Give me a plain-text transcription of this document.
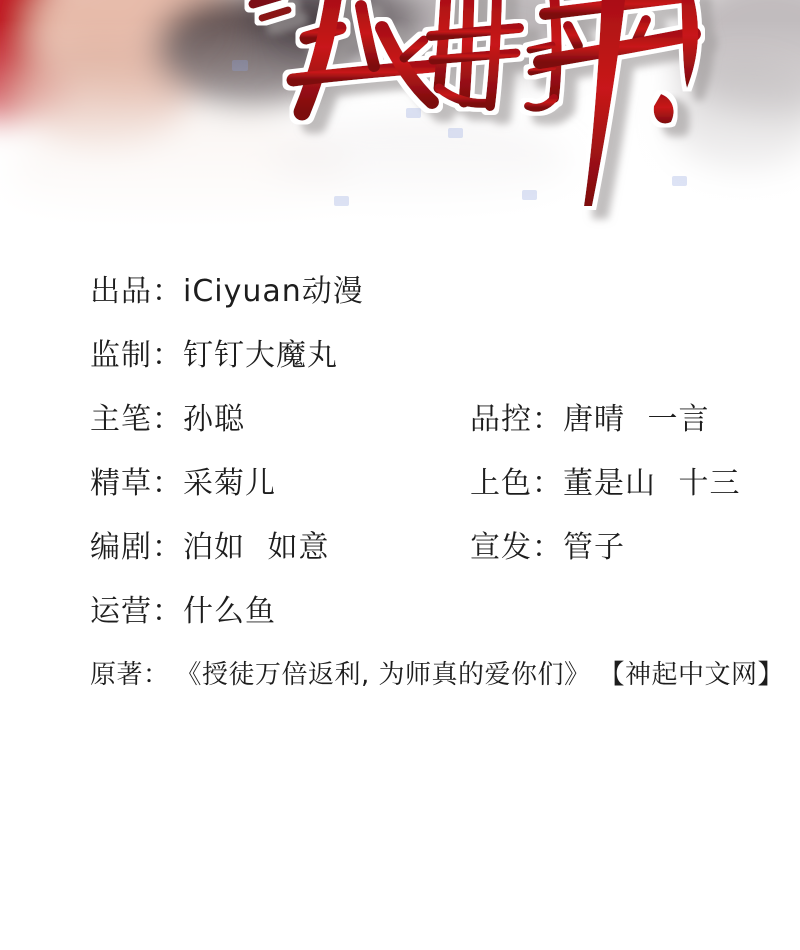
出品： iCiyuan动漫
监制： 钉钉大魔丸
主笔： 孙聪	品控： 唐晴 一言
精草： 采菊儿	上色： 董是山 十三
编剧： 泊如 如意	宣发： 管子
运营： 什么鱼
原著： 《授徒万倍返利, 为师真的爱你们》 【神起中文网】
